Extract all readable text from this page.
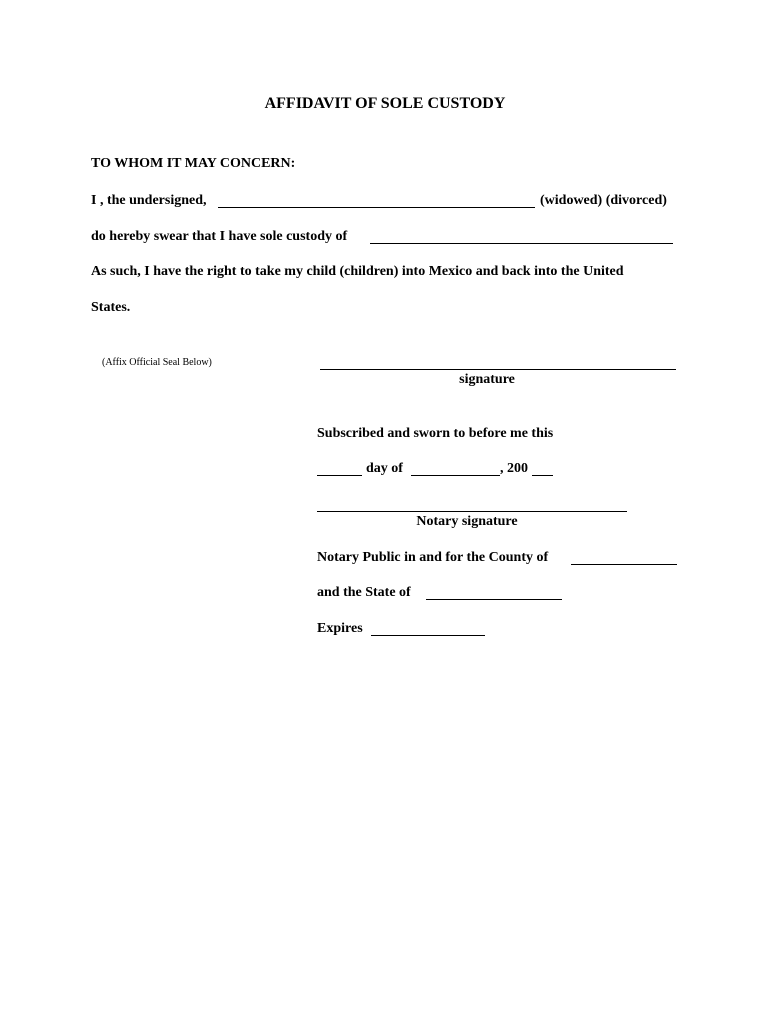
AFFIDAVIT OF SOLE CUSTODY
TO WHOM IT MAY CONCERN:
I , the undersigned,	(widowed) (divorced)
do hereby swear that I have sole custody of
As such, I have the right to take my child (children) into Mexico and back into the United
States.
(Affix Official Seal Below)
signature
Subscribed and sworn to before me this
day of	, 200
Notary signature
Notary Public in and for the County of
and the State of
Expires
